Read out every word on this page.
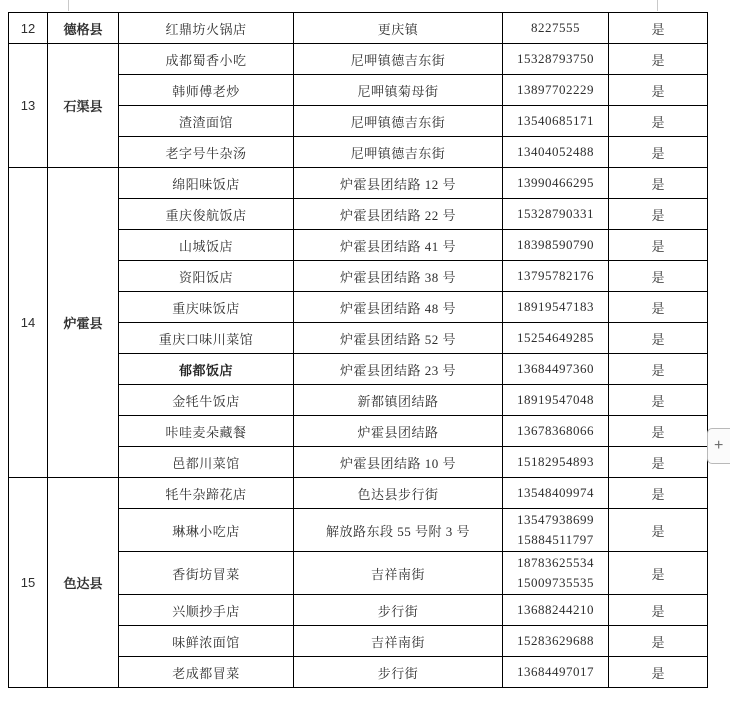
12	德格县	红鼎坊火锅店	更庆镇	8227555	是
13	石渠县	成都蜀香小吃	尼呷镇德吉东街	15328793750	是
		韩师傅老炒	尼呷镇菊母街	13897702229	是
		渣渣面馆	尼呷镇德吉东街	13540685171	是
		老字号牛杂汤	尼呷镇德吉东街	13404052488	是
14	炉霍县	绵阳味饭店	炉霍县团结路 12 号	13990466295	是
		重庆俊航饭店	炉霍县团结路 22 号	15328790331	是
		山城饭店	炉霍县团结路 41 号	18398590790	是
		资阳饭店	炉霍县团结路 38 号	13795782176	是
		重庆味饭店	炉霍县团结路 48 号	18919547183	是
		重庆口味川菜馆	炉霍县团结路 52 号	15254649285	是
		郁都饭店	炉霍县团结路 23 号	13684497360	是
		金牦牛饭店	新都镇团结路	18919547048	是
		咔哇麦朵藏餐	炉霍县团结路	13678368066	是
		邑都川菜馆	炉霍县团结路 10 号	15182954893	是
15	色达县	牦牛杂蹄花店	色达县步行街	13548409974	是
		琳琳小吃店	解放路东段 55 号附 3 号	13547938699
15884511797	是
		香街坊冒菜	吉祥南街	18783625534
15009735535	是
		兴顺抄手店	步行街	13688244210	是
		味鲜浓面馆	吉祥南街	15283629688	是
		老成都冒菜	步行街	13684497017	是
+
